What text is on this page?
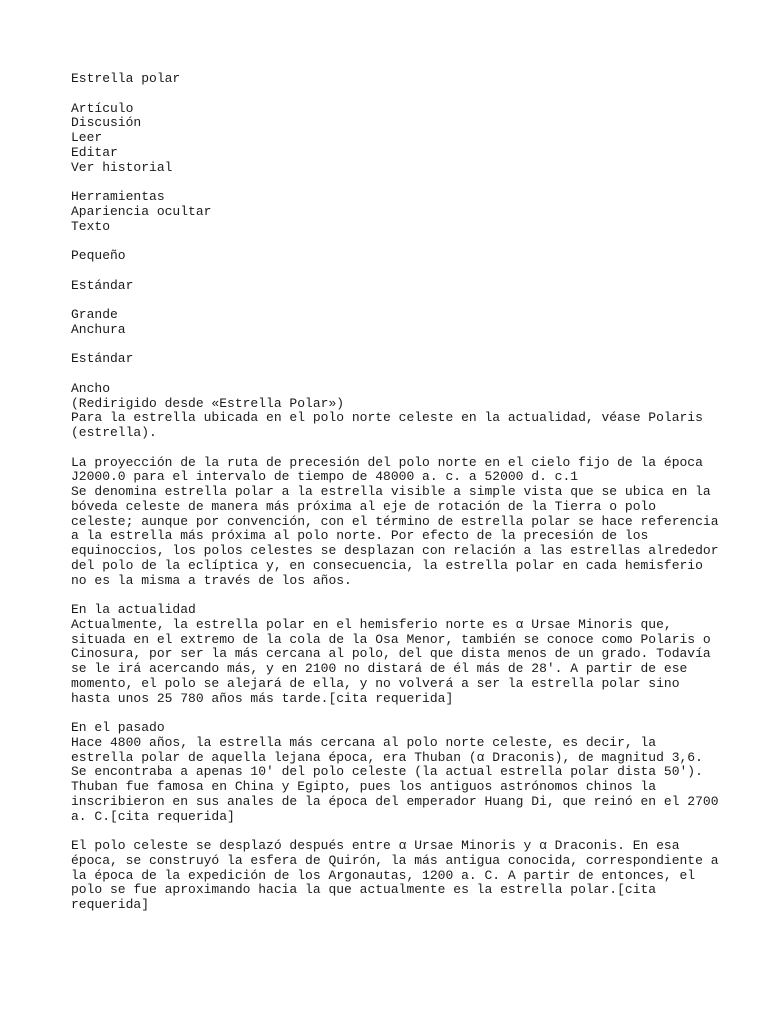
Estrella polar
Artículo
Discusión
Leer
Editar
Ver historial
Herramientas
Apariencia ocultar
Texto
Pequeño
Estándar
Grande
Anchura
Estándar
Ancho
(Redirigido desde «Estrella Polar»)
Para la estrella ubicada en el polo norte celeste en la actualidad, véase Polaris
(estrella).
La proyección de la ruta de precesión del polo norte en el cielo fijo de la época
J2000.0 para el intervalo de tiempo de 48000 a. c. a 52000 d. c.1
Se denomina estrella polar a la estrella visible a simple vista que se ubica en la
bóveda celeste de manera más próxima al eje de rotación de la Tierra o polo
celeste; aunque por convención, con el término de estrella polar se hace referencia
a la estrella más próxima al polo norte. Por efecto de la precesión de los
equinoccios, los polos celestes se desplazan con relación a las estrellas alrededor
del polo de la eclíptica y, en consecuencia, la estrella polar en cada hemisferio
no es la misma a través de los años.
En la actualidad
Actualmente, la estrella polar en el hemisferio norte es α Ursae Minoris que,
situada en el extremo de la cola de la Osa Menor, también se conoce como Polaris o
Cinosura, por ser la más cercana al polo, del que dista menos de un grado. Todavía
se le irá acercando más, y en 2100 no distará de él más de 28'. A partir de ese
momento, el polo se alejará de ella, y no volverá a ser la estrella polar sino
hasta unos 25 780 años más tarde.[cita requerida]
En el pasado
Hace 4800 años, la estrella más cercana al polo norte celeste, es decir, la
estrella polar de aquella lejana época, era Thuban (α Draconis), de magnitud 3,6.
Se encontraba a apenas 10' del polo celeste (la actual estrella polar dista 50').
Thuban fue famosa en China y Egipto, pues los antiguos astrónomos chinos la
inscribieron en sus anales de la época del emperador Huang Di, que reinó en el 2700
a. C.[cita requerida]
El polo celeste se desplazó después entre α Ursae Minoris y α Draconis. En esa
época, se construyó la esfera de Quirón, la más antigua conocida, correspondiente a
la época de la expedición de los Argonautas, 1200 a. C. A partir de entonces, el
polo se fue aproximando hacia la que actualmente es la estrella polar.[cita
requerida]
